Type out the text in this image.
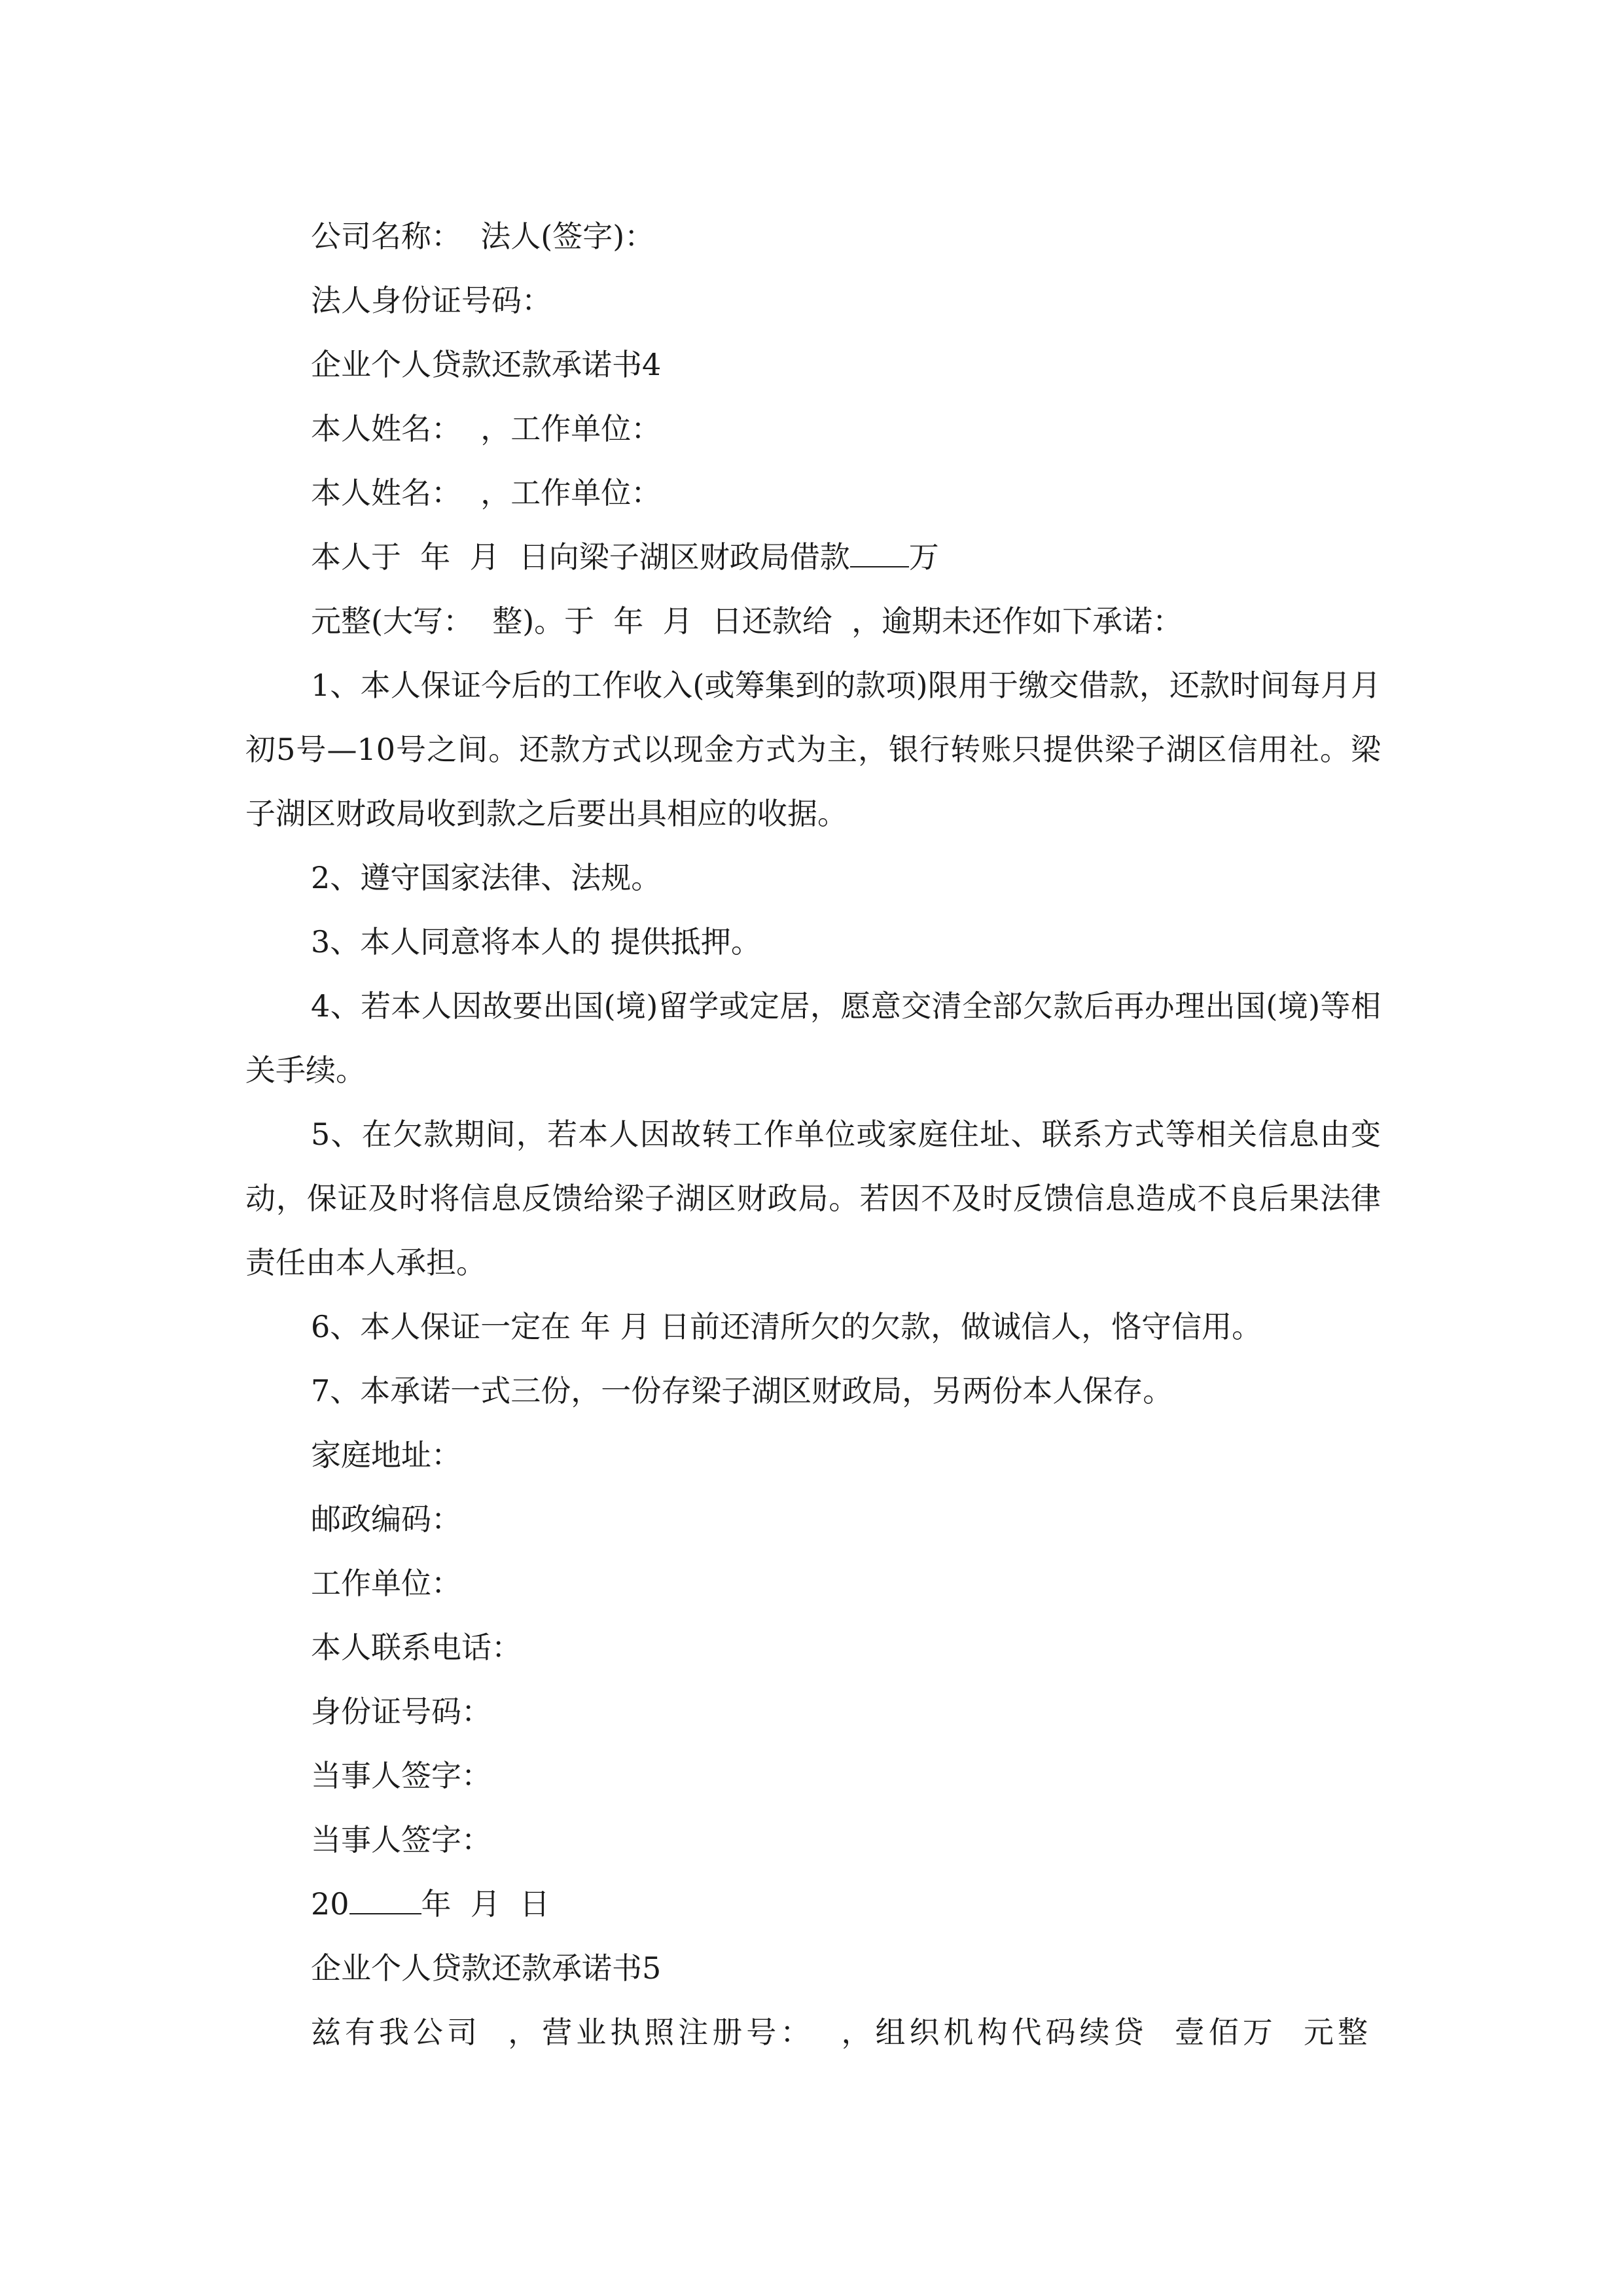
公司名称：  法人(签字)：

法人身份证号码：

企业个人贷款还款承诺书4

本人姓名：  ，工作单位：

本人姓名：  ，工作单位：

本人于  年  月  日向梁子湖区财政局借款 万

元整(大写：  整)。于  年  月  日还款给  ，逾期未还作如下承诺：

1、本人保证今后的工作收入(或筹集到的款项)限用于缴交借款，还款时间每月月初5号—10号之间。还款方式以现金方式为主，银行转账只提供梁子湖区信用社。梁子湖区财政局收到款之后要出具相应的收据。

2、遵守国家法律、法规。

3、本人同意将本人的 提供抵押。

4、若本人因故要出国(境)留学或定居，愿意交清全部欠款后再办理出国(境)等相关手续。

5、在欠款期间，若本人因故转工作单位或家庭住址、联系方式等相关信息由变动，保证及时将信息反馈给梁子湖区财政局。若因不及时反馈信息造成不良后果法律责任由本人承担。

6、本人保证一定在 年 月 日前还清所欠的欠款，做诚信人，恪守信用。

7、本承诺一式三份，一份存梁子湖区财政局，另两份本人保存。

家庭地址：

邮政编码：

工作单位：

本人联系电话：

身份证号码：

当事人签字：

当事人签字：

20 年  月  日

企业个人贷款还款承诺书5

兹有我公司  ，营业执照注册号：  ，组织机构代码续贷  壹佰万  元整
